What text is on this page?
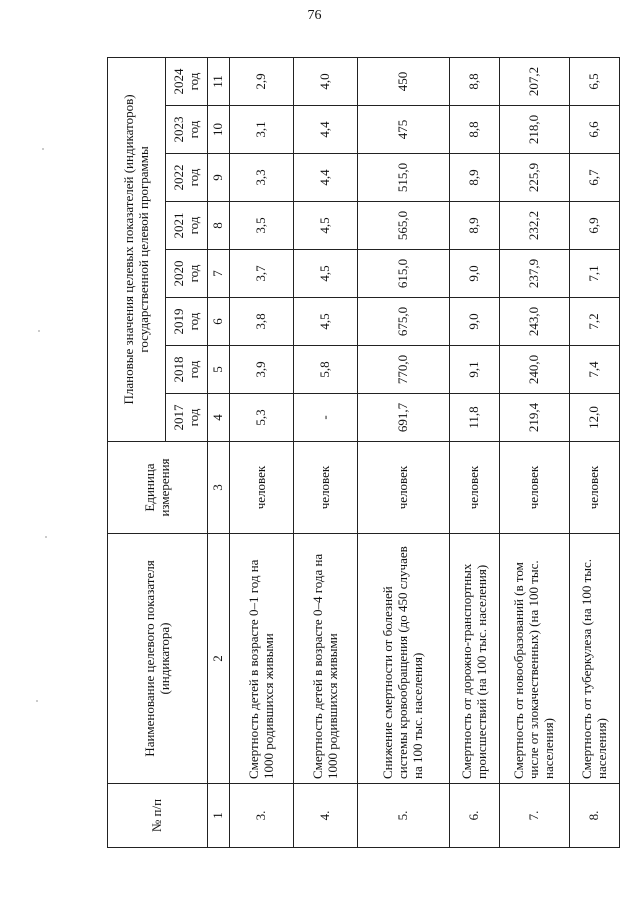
76
№ п/п	Наименование целевого показателя (индикатора)	Единица измерения	Плановые значения целевых показателей (индикаторов) государственной целевой программы							
			2017 год	2018 год	2019 год	2020 год	2021 год	2022 год	2023 год	2024 год
1	2	3	4	5	6	7	8	9	10	11
3.	Смертность детей в возрасте 0–1 год на 1000 родившихся живыми	человек	5,3	3,9	3,8	3,7	3,5	3,3	3,1	2,9
4.	Смертность детей в возрасте 0–4 года на 1000 родившихся живыми	человек	-	5,8	4,5	4,5	4,5	4,4	4,4	4,0
5.	Снижение смертности от болезней системы кровообращения (до 450 случаев на 100 тыс. населения)	человек	691,7	770,0	675,0	615,0	565,0	515,0	475	450
6.	Смертность от дорожно-транспортных происшествий (на 100 тыс. населения)	человек	11,8	9,1	9,0	9,0	8,9	8,9	8,8	8,8
7.	Смертность от новообразований (в том числе от злокачественных) (на 100 тыс. населения)	человек	219,4	240,0	243,0	237,9	232,2	225,9	218,0	207,2
8.	Смертность от туберкулеза (на 100 тыс. населения)	человек	12,0	7,4	7,2	7,1	6,9	6,7	6,6	6,5
